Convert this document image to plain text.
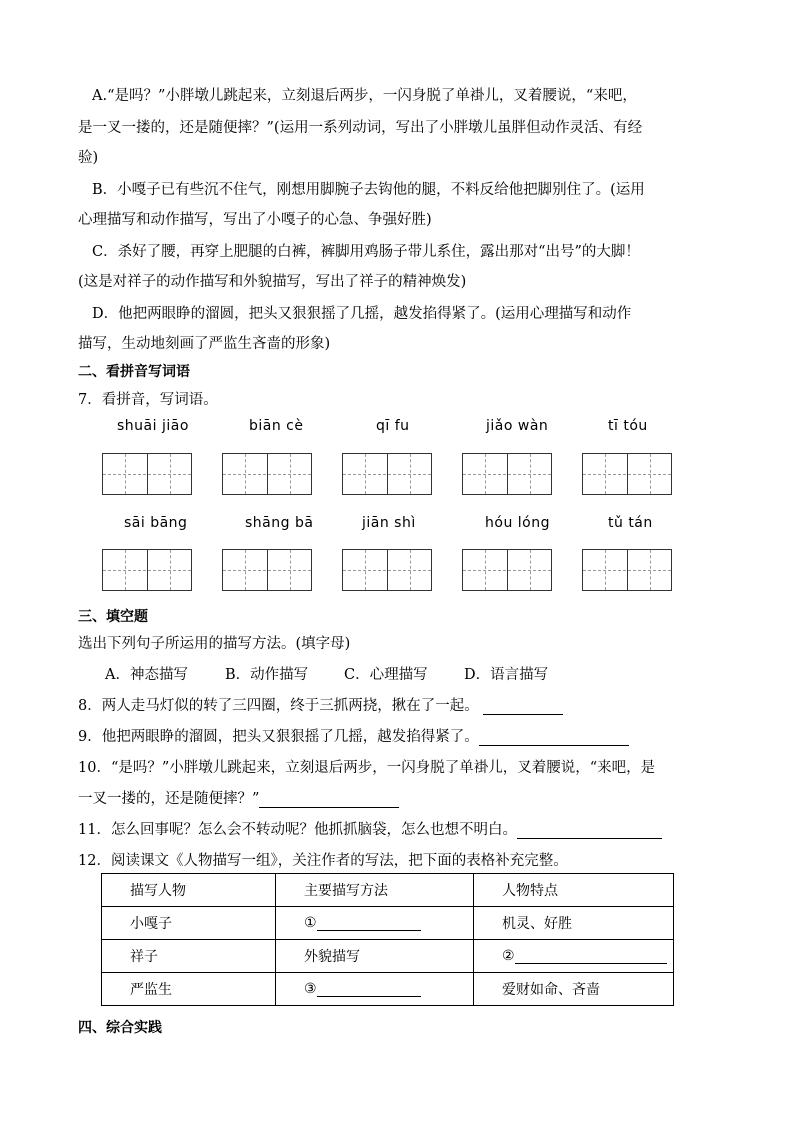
A.“是吗？”小胖墩儿跳起来，立刻退后两步，一闪身脱了单褂儿，叉着腰说，“来吧，
是一叉一搂的，还是随便摔？”(运用一系列动词，写出了小胖墩儿虽胖但动作灵活、有经
验)
B．小嘎子已有些沉不住气，刚想用脚腕子去钩他的腿，不料反给他把脚别住了。(运用
心理描写和动作描写，写出了小嘎子的心急、争强好胜)
C．杀好了腰，再穿上肥腿的白裤，裤脚用鸡肠子带儿系住，露出那对“出号”的大脚！
(这是对祥子的动作描写和外貌描写，写出了祥子的精神焕发)
D．他把两眼睁的溜圆，把头又狠狠摇了几摇，越发掐得紧了。(运用心理描写和动作
描写，生动地刻画了严监生吝啬的形象)
二、看拼音写词语
7．看拼音，写词语。
shuāi jiāo	biān cè	qī fu	jiǎo wàn	tī tóu
sāi bāng	shāng bā	jiān shì	hóu lóng	tǔ tán
三、填空题
选出下列句子所运用的描写方法。(填字母)
A．神态描写	B．动作描写 C．心理描写	D．语言描写
8．两人走马灯似的转了三四圈，终于三抓两挠，揪在了一起。
9．他把两眼睁的溜圆，把头又狠狠摇了几摇，越发掐得紧了。
10．“是吗？”小胖墩儿跳起来，立刻退后两步，一闪身脱了单褂儿，叉着腰说，“来吧，是
一叉一搂的，还是随便摔？”
11．怎么回事呢？怎么会不转动呢？他抓抓脑袋，怎么也想不明白。
12．阅读课文《人物描写一组》，关注作者的写法，把下面的表格补充完整。
描写人物	主要描写方法	人物特点
小嘎子	①	机灵、好胜
祥子	外貌描写	②
严监生	③	爱财如命、吝啬
四、综合实践
